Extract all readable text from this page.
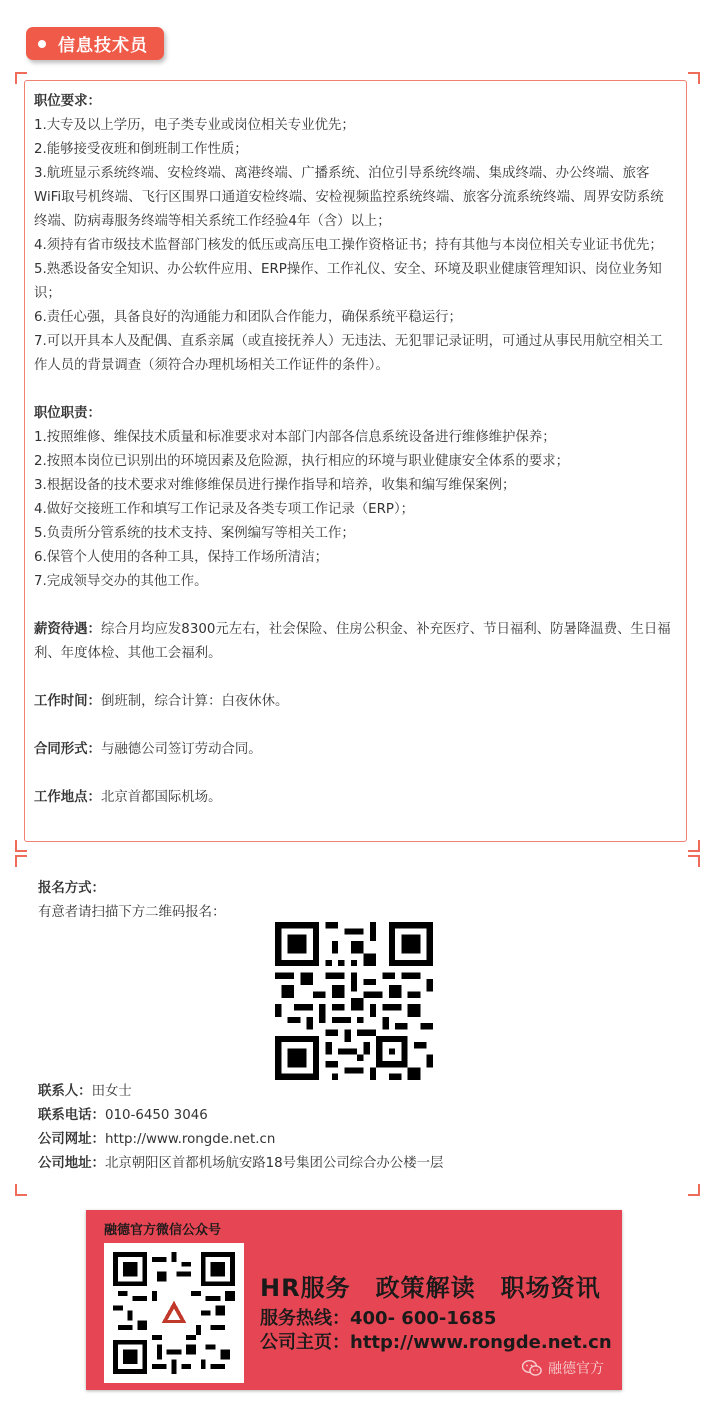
信息技术员

职位要求：

1.大专及以上学历，电子类专业或岗位相关专业优先；

2.能够接受夜班和倒班制工作性质；

3.航班显示系统终端、安检终端、离港终端、广播系统、泊位引导系统终端、集成终端、办公终端、旅客WiFi取号机终端、飞行区围界口通道安检终端、安检视频监控系统终端、旅客分流系统终端、周界安防系统终端、防病毒服务终端等相关系统工作经验4年（含）以上；

4.须持有省市级技术监督部门核发的低压或高压电工操作资格证书；持有其他与本岗位相关专业证书优先；

5.熟悉设备安全知识、办公软件应用、ERP操作、工作礼仪、安全、环境及职业健康管理知识、岗位业务知识；

6.责任心强，具备良好的沟通能力和团队合作能力，确保系统平稳运行；

7.可以开具本人及配偶、直系亲属（或直接抚养人）无违法、无犯罪记录证明，可通过从事民用航空相关工作人员的背景调查（须符合办理机场相关工作证件的条件）。

职位职责：

1.按照维修、维保技术质量和标准要求对本部门内部各信息系统设备进行维修维护保养；

2.按照本岗位已识别出的环境因素及危险源，执行相应的环境与职业健康安全体系的要求；

3.根据设备的技术要求对维修维保员进行操作指导和培养，收集和编写维保案例；

4.做好交接班工作和填写工作记录及各类专项工作记录（ERP）；

5.负责所分管系统的技术支持、案例编写等相关工作；

6.保管个人使用的各种工具，保持工作场所清洁；

7.完成领导交办的其他工作。

薪资待遇：综合月均应发8300元左右，社会保险、住房公积金、补充医疗、节日福利、防暑降温费、生日福利、年度体检、其他工会福利。

工作时间：倒班制，综合计算：白夜休休。

合同形式：与融德公司签订劳动合同。

工作地点：北京首都国际机场。

报名方式：

有意者请扫描下方二维码报名：

联系人：田女士

联系电话：010-6450 3046

公司网址：http://www.rongde.net.cn

公司地址：北京朝阳区首都机场航安路18号集团公司综合办公楼一层

融德官方微信公众号
HR服务　政策解读　职场资讯
服务热线：400- 600-1685
公司主页：http://www.rongde.net.cn
融德官方
